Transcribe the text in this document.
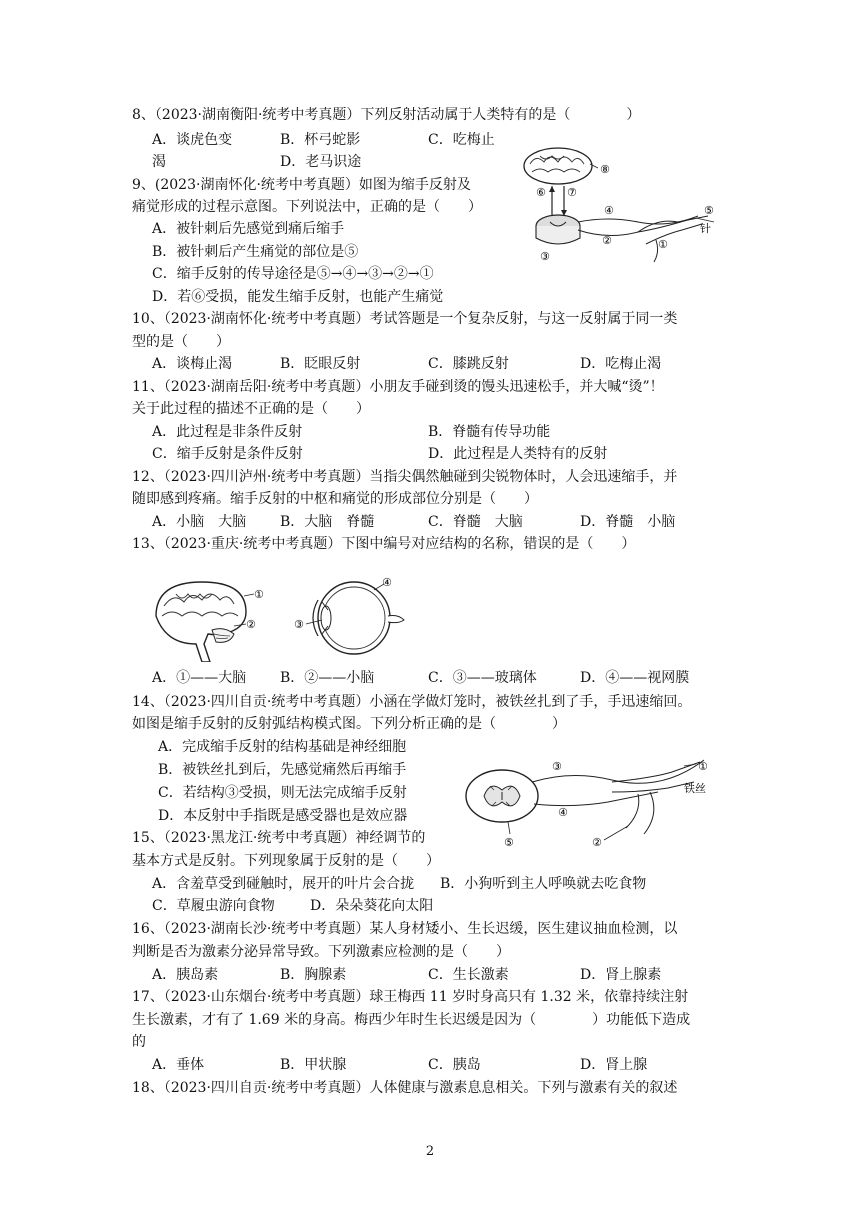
8、（2023·湖南衡阳·统考中考真题）下列反射活动属于人类特有的是（　　　　）
A．谈虎色变	B．杯弓蛇影	C．吃梅止
渴	D．老马识途
9、(2023·湖南怀化·统考中考真题）如图为缩手反射及
痛觉形成的过程示意图。下列说法中，正确的是（　　）
A．被针刺后先感觉到痛后缩手
B．被针刺后产生痛觉的部位是⑤
C．缩手反射的传导途径是⑤→④→③→②→①
D．若⑥受损，能发生缩手反射，也能产生痛觉
⑧
⑥ ⑦
③
④
②	①
⑤
针
10、（2023·湖南怀化·统考中考真题）考试答题是一个复杂反射，与这一反射属于同一类
型的是（　　）
A．谈梅止渴	B．眨眼反射	C．膝跳反射	D．吃梅止渴
11、（2023·湖南岳阳·统考中考真题）小朋友手碰到烫的馒头迅速松手，并大喊“烫”！
关于此过程的描述不正确的是（　　）
A．此过程是非条件反射	B．脊髓有传导功能
C．缩手反射是条件反射	D．此过程是人类特有的反射
12、（2023·四川泸州·统考中考真题）当指尖偶然触碰到尖锐物体时，人会迅速缩手，并
随即感到疼痛。缩手反射的中枢和痛觉的形成部位分别是（　　）
A．小脑　大脑 B．大脑　脊髓	C．脊髓　大脑	D．脊髓　小脑
13、（2023·重庆·统考中考真题）下图中编号对应结构的名称，错误的是（　　）
①
②
④
③
A．①——大脑 B．②——小脑	C．③——玻璃体	D．④——视网膜
14、（2023·四川自贡·统考中考真题）小涵在学做灯笼时，被铁丝扎到了手，手迅速缩回。
如图是缩手反射的反射弧结构模式图。下列分析正确的是（　　　　）
A．完成缩手反射的结构基础是神经细胞
B．被铁丝扎到后，先感觉痛然后再缩手
C．若结构③受损，则无法完成缩手反射
D．本反射中手指既是感受器也是效应器
⑤
③
④
①
铁丝
②
15、（2023·黑龙江·统考中考真题）神经调节的
基本方式是反射。下列现象属于反射的是（　　）
A．含羞草受到碰触时，展开的叶片会合拢 B．小狗听到主人呼唤就去吃食物
C．草履虫游向食物	D．朵朵葵花向太阳
16、（2023·湖南长沙·统考中考真题）某人身材矮小、生长迟缓，医生建议抽血检测，以
判断是否为激素分泌异常导致。下列激素应检测的是（　　）
A．胰岛素	B．胸腺素	C．生长激素	D．肾上腺素
17、（2023·山东烟台·统考中考真题）球王梅西 11 岁时身高只有 1.32 米，依靠持续注射
生长激素，才有了 1.69 米的身高。梅西少年时生长迟缓是因为（　　　　）功能低下造成
的
A．垂体	B．甲状腺	C．胰岛	D．肾上腺
18、（2023·四川自贡·统考中考真题）人体健康与激素息息相关。下列与激素有关的叙述
2
